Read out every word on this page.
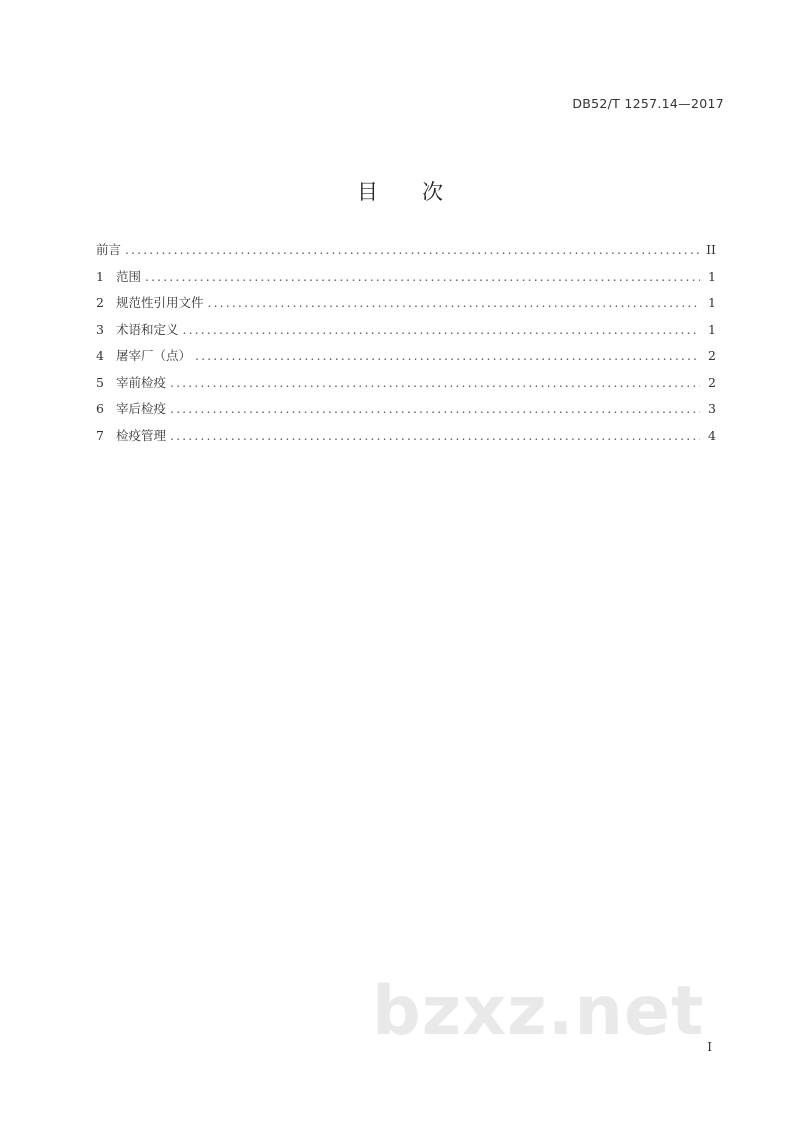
DB52/T 1257.14—2017
目 次
前言 .....	II
1 范围 .....	1
2 规范性引用文件 .....	1
3 术语和定义 .....	1
4 屠宰厂（点） .....	2
5 宰前检疫 .....	2
6 宰后检疫 .....	3
7 检疫管理 .....	4
bzxz.net I
